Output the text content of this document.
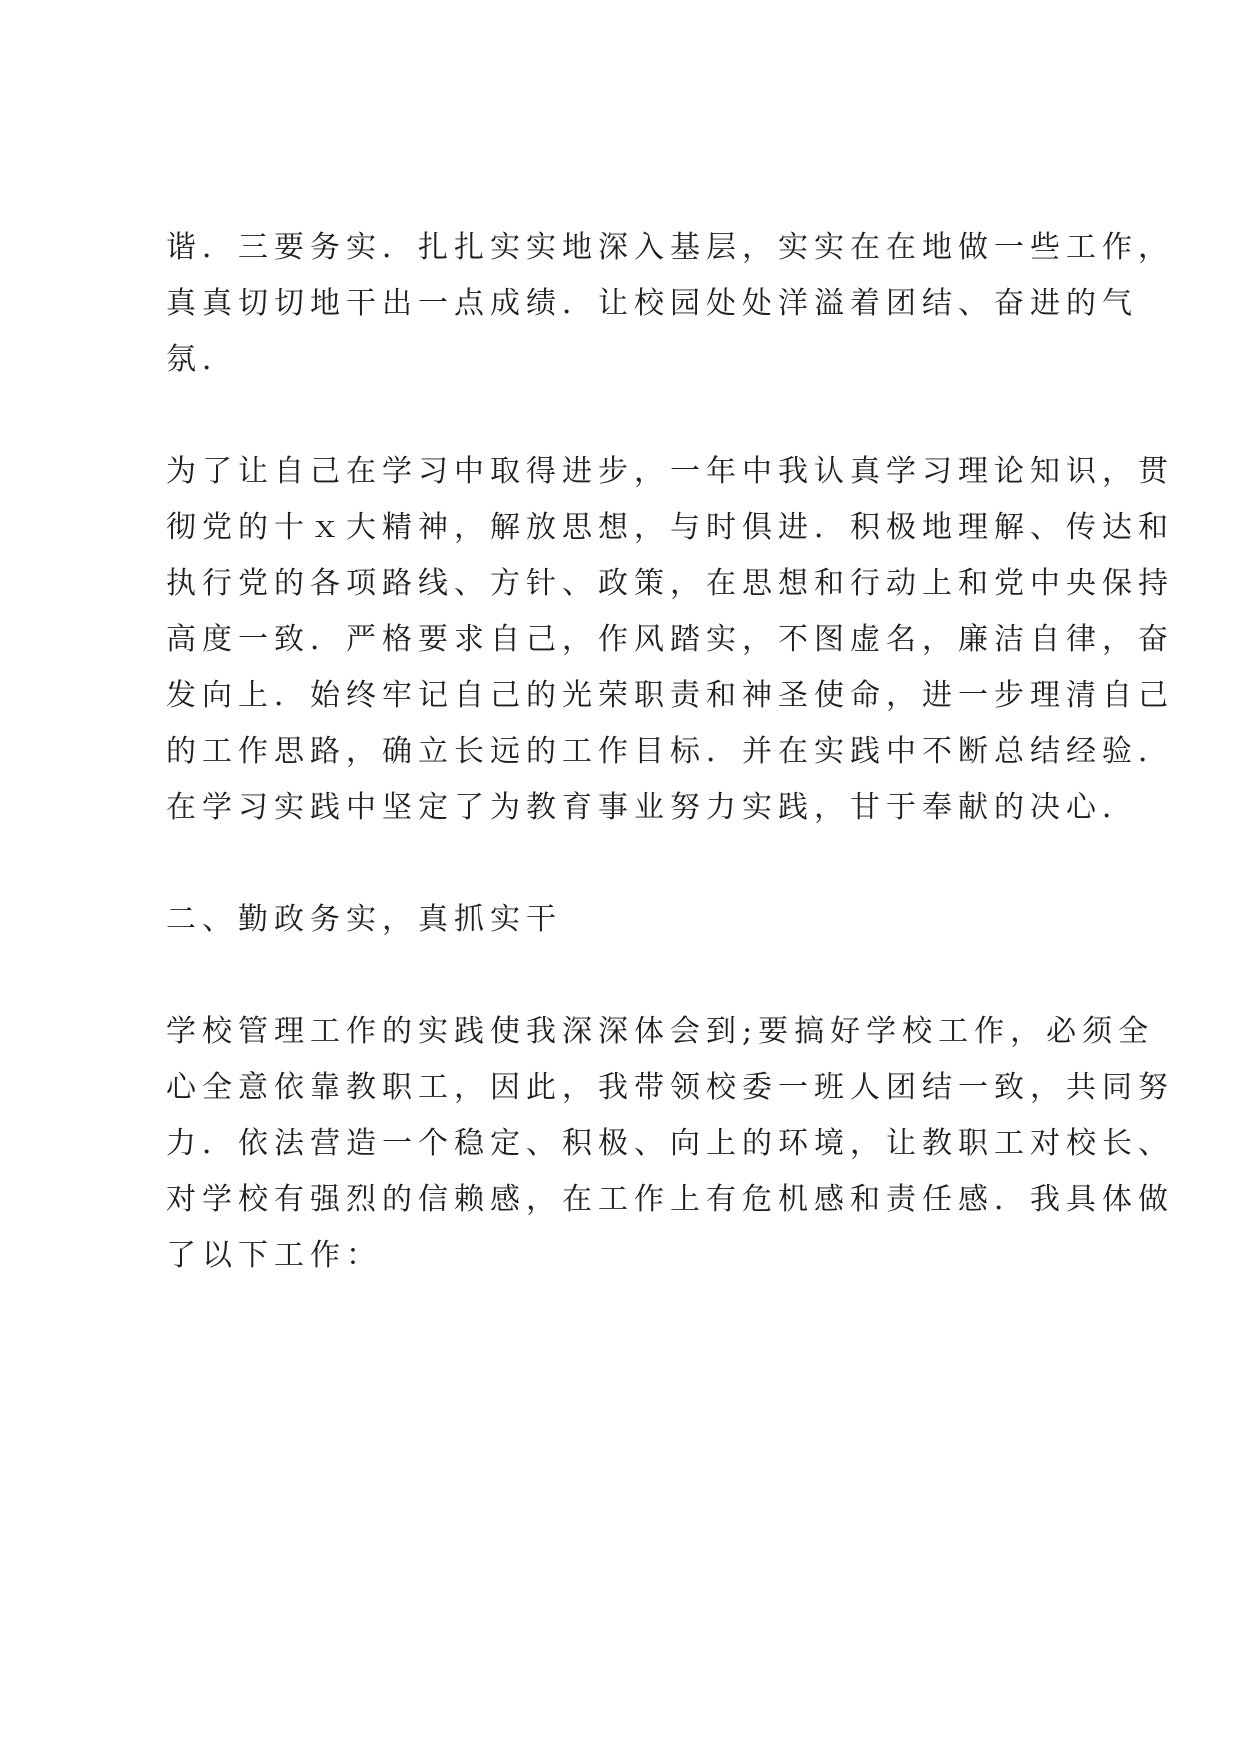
谐．三要务实．扎扎实实地深入基层，实实在在地做一些工作，
真真切切地干出一点成绩．让校园处处洋溢着团结、奋进的气
氛．

为了让自己在学习中取得进步，一年中我认真学习理论知识，贯
彻党的十ｘ大精神，解放思想，与时俱进．积极地理解、传达和
执行党的各项路线、方针、政策，在思想和行动上和党中央保持
高度一致．严格要求自己，作风踏实，不图虚名，廉洁自律，奋
发向上．始终牢记自己的光荣职责和神圣使命，进一步理清自己
的工作思路，确立长远的工作目标．并在实践中不断总结经验．
在学习实践中坚定了为教育事业努力实践，甘于奉献的决心．

二、勤政务实，真抓实干

学校管理工作的实践使我深深体会到;要搞好学校工作，必须全
心全意依靠教职工，因此，我带领校委一班人团结一致，共同努
力．依法营造一个稳定、积极、向上的环境，让教职工对校长、
对学校有强烈的信赖感，在工作上有危机感和责任感．我具体做
了以下工作：
